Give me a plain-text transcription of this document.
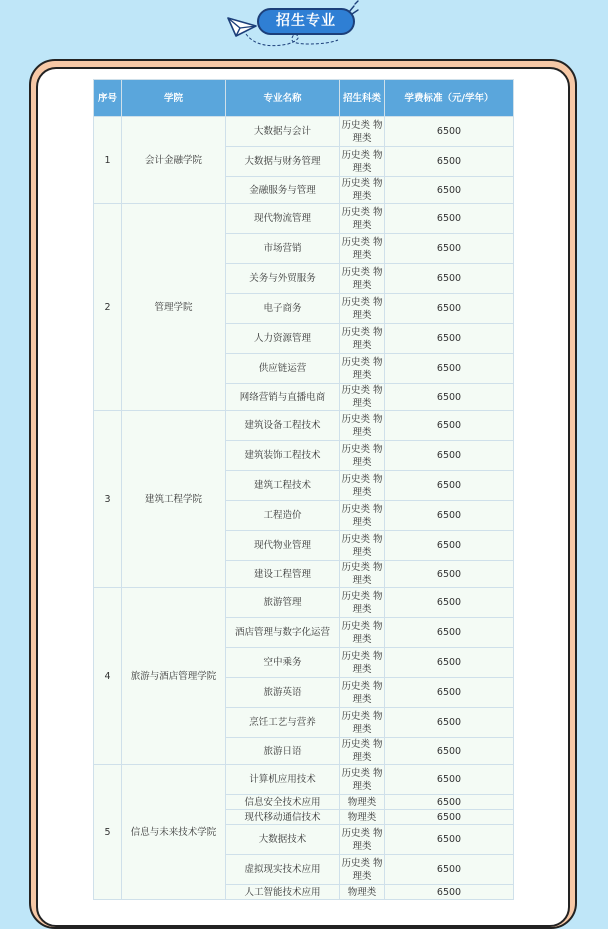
招生专业
序号	学院	专业名称	招生科类	学费标准（元/学年）
1	会计金融学院	大数据与会计	历史类 物理类	6500
		大数据与财务管理	历史类 物理类	6500
		金融服务与管理	历史类 物理类	6500
2	管理学院	现代物流管理	历史类 物理类	6500
		市场营销	历史类 物理类	6500
		关务与外贸服务	历史类 物理类	6500
		电子商务	历史类 物理类	6500
		人力资源管理	历史类 物理类	6500
		供应链运营	历史类 物理类	6500
		网络营销与直播电商	历史类 物理类	6500
3	建筑工程学院	建筑设备工程技术	历史类 物理类	6500
		建筑装饰工程技术	历史类 物理类	6500
		建筑工程技术	历史类 物理类	6500
		工程造价	历史类 物理类	6500
		现代物业管理	历史类 物理类	6500
		建设工程管理	历史类 物理类	6500
4	旅游与酒店管理学院	旅游管理	历史类 物理类	6500
		酒店管理与数字化运营	历史类 物理类	6500
		空中乘务	历史类 物理类	6500
		旅游英语	历史类 物理类	6500
		烹饪工艺与营养	历史类 物理类	6500
		旅游日语	历史类 物理类	6500
5	信息与未来技术学院	计算机应用技术	历史类 物理类	6500
		信息安全技术应用	物理类	6500
		现代移动通信技术	物理类	6500
		大数据技术	历史类 物理类	6500
		虚拟现实技术应用	历史类 物理类	6500
		人工智能技术应用	物理类	6500
